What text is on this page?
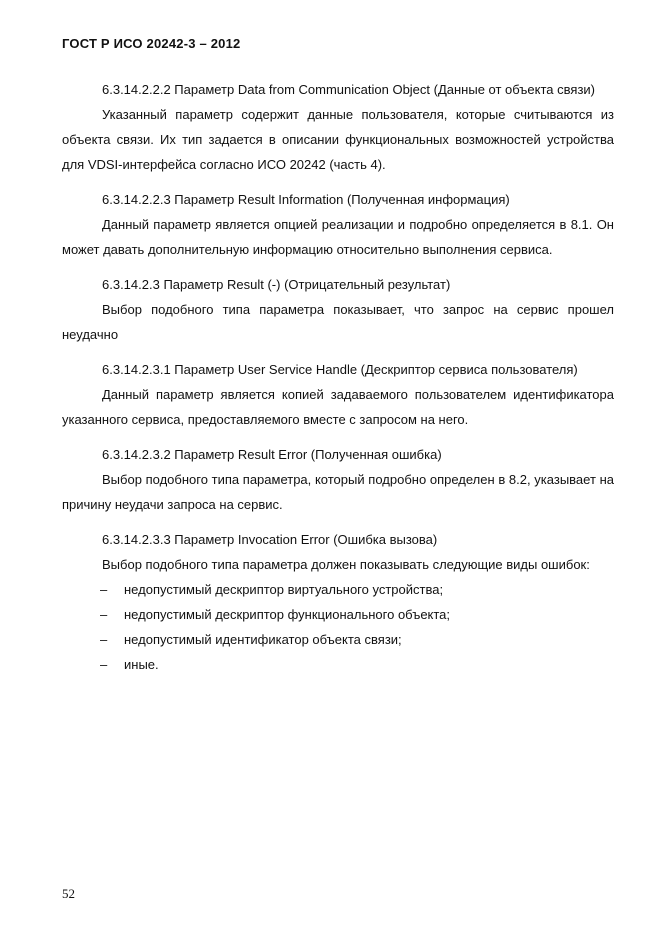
ГОСТ Р ИСО 20242-3 – 2012

6.3.14.2.2.2 Параметр Data from Communication Object (Данные от объекта связи)

Указанный параметр содержит данные пользователя, которые считываются из объекта связи. Их тип задается в описании функциональных возможностей устройства для VDSI-интерфейса согласно ИСО 20242 (часть 4).

6.3.14.2.2.3 Параметр Result Information (Полученная информация)

Данный параметр является опцией реализации и подробно определяется в 8.1. Он может давать дополнительную информацию относительно выполнения сервиса.

6.3.14.2.3 Параметр Result (-) (Отрицательный результат)

Выбор подобного типа параметра показывает, что запрос на сервис прошел неудачно

6.3.14.2.3.1 Параметр User Service Handle (Дескриптор сервиса пользователя)

Данный параметр является копией задаваемого пользователем идентификатора указанного сервиса, предоставляемого вместе с запросом на него.

6.3.14.2.3.2 Параметр Result Error (Полученная ошибка)

Выбор подобного типа параметра, который подробно определен в 8.2, указывает на причину неудачи запроса на сервис.

6.3.14.2.3.3 Параметр Invocation Error (Ошибка вызова)

Выбор подобного типа параметра должен показывать следующие виды ошибок:

– недопустимый дескриптор виртуального устройства;

– недопустимый дескриптор функционального объекта;

– недопустимый идентификатор объекта связи;

– иные.

52
